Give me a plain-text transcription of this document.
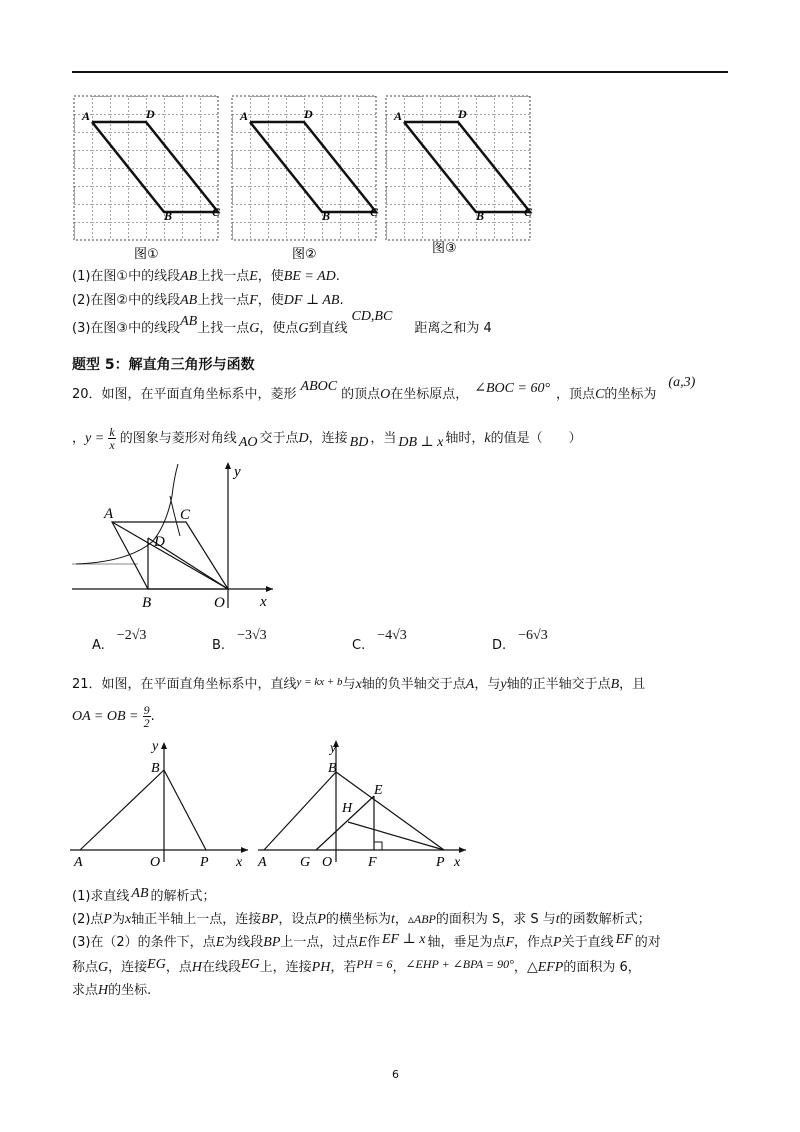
A	D
B	C
图①
A	D
B	C
图②
A	D
B	C
图③
(1)在图①中的线段AB上找一点E，使BE = AD.
(2)在图②中的线段AB上找一点F，使DF ⊥ AB.
(3)在图③中的线段AB上找一点G，使点G到直线CD,BC距离之和为 4
题型 5：解直角三角形与函数
20．如图，在平面直角坐标系中，菱形ABOC的顶点O在坐标原点， ∠BOC = 60° ，顶点C的坐标为(a,3)
，$y = \frac{k}{x}$ 的图象与菱形对角线 AO 交于点D，连接 BD ，当 DB ⊥ x 轴时，k的值是（　　）
y
x
A	C
D
B	O
A.−2√3
B.−3√3
C.−4√3
D.−6√3
21．如图，在平面直角坐标系中，直线$^{y = kx + b}$与x轴的负半轴交于点A，与y轴的正半轴交于点B，且
OA = OB = $\frac{9}{2}$ .
y
x
B
A	O	P
y
x
B
E
H
A G O	F	P
(1)求直线 AB 的解析式；
(2)点P为x轴正半轴上一点，连接BP，设点P的横坐标为t，▵ABP的面积为 S，求 S 与t的函数解析式；
(3)在（2）的条件下，点E为线段BP上一点，过点E作 EF ⊥ x 轴，垂足为点F，作点P关于直线 EF 的对
称点G，连接EG，点H在线段EG上，连接PH，若PH = 6，∠EHP + ∠BPA = 90°，△EFP的面积为 6，
求点H的坐标.
6
